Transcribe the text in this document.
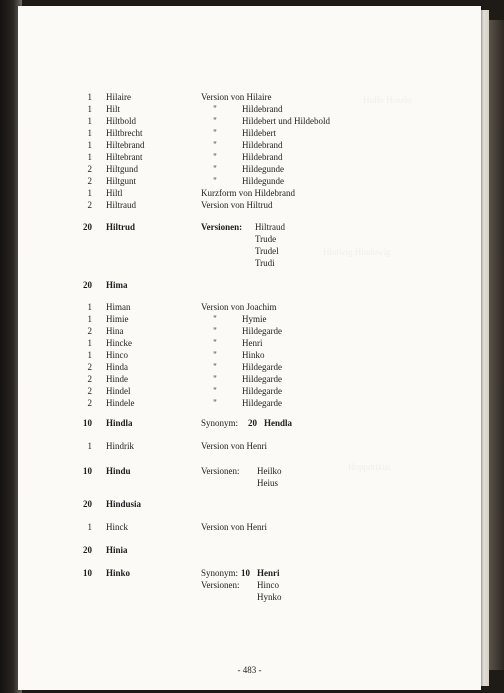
Hoffe Hoselo
Hlotwig Hluduwig
Hoppdrikus
1 Hilaire	Version von Hilaire
1 Hilt	"	Hildebrand
1 Hiltbold	"	Hildebert und Hildebold
1 Hiltbrecht	"	Hildebert
1 Hiltebrand	"	Hildebrand
1 Hiltebrant	"	Hildebrand
2 Hiltgund	"	Hildegunde
2 Hiltgunt	"	Hildegunde
1 Hiltl	Kurzform von Hildebrand
2 Hiltraud	Version von Hiltrud
20 Hiltrud	Versionen: Hiltraud
Trude
Trudel
Trudi
20 Hima
1 Himan	Version von Joachim
1 Himie	"	Hymie
2 Hina	"	Hildegarde
1 Hincke	"	Henri
1 Hinco	"	Hinko
2 Hinda	"	Hildegarde
2 Hinde	"	Hildegarde
2 Hindel	"	Hildegarde
2 Hindele	"	Hildegarde
10 Hindla	Synonym: 20 Hendla
1 Hindrik	Version von Henri
10 Hindu	Versionen: Heilko
Heius
20 Hindusia
1 Hinck	Version von Henri
20 Hinia
10 Hinko	Synonym: 10 Henri
Versionen: Hinco
Hynko
- 483 -
